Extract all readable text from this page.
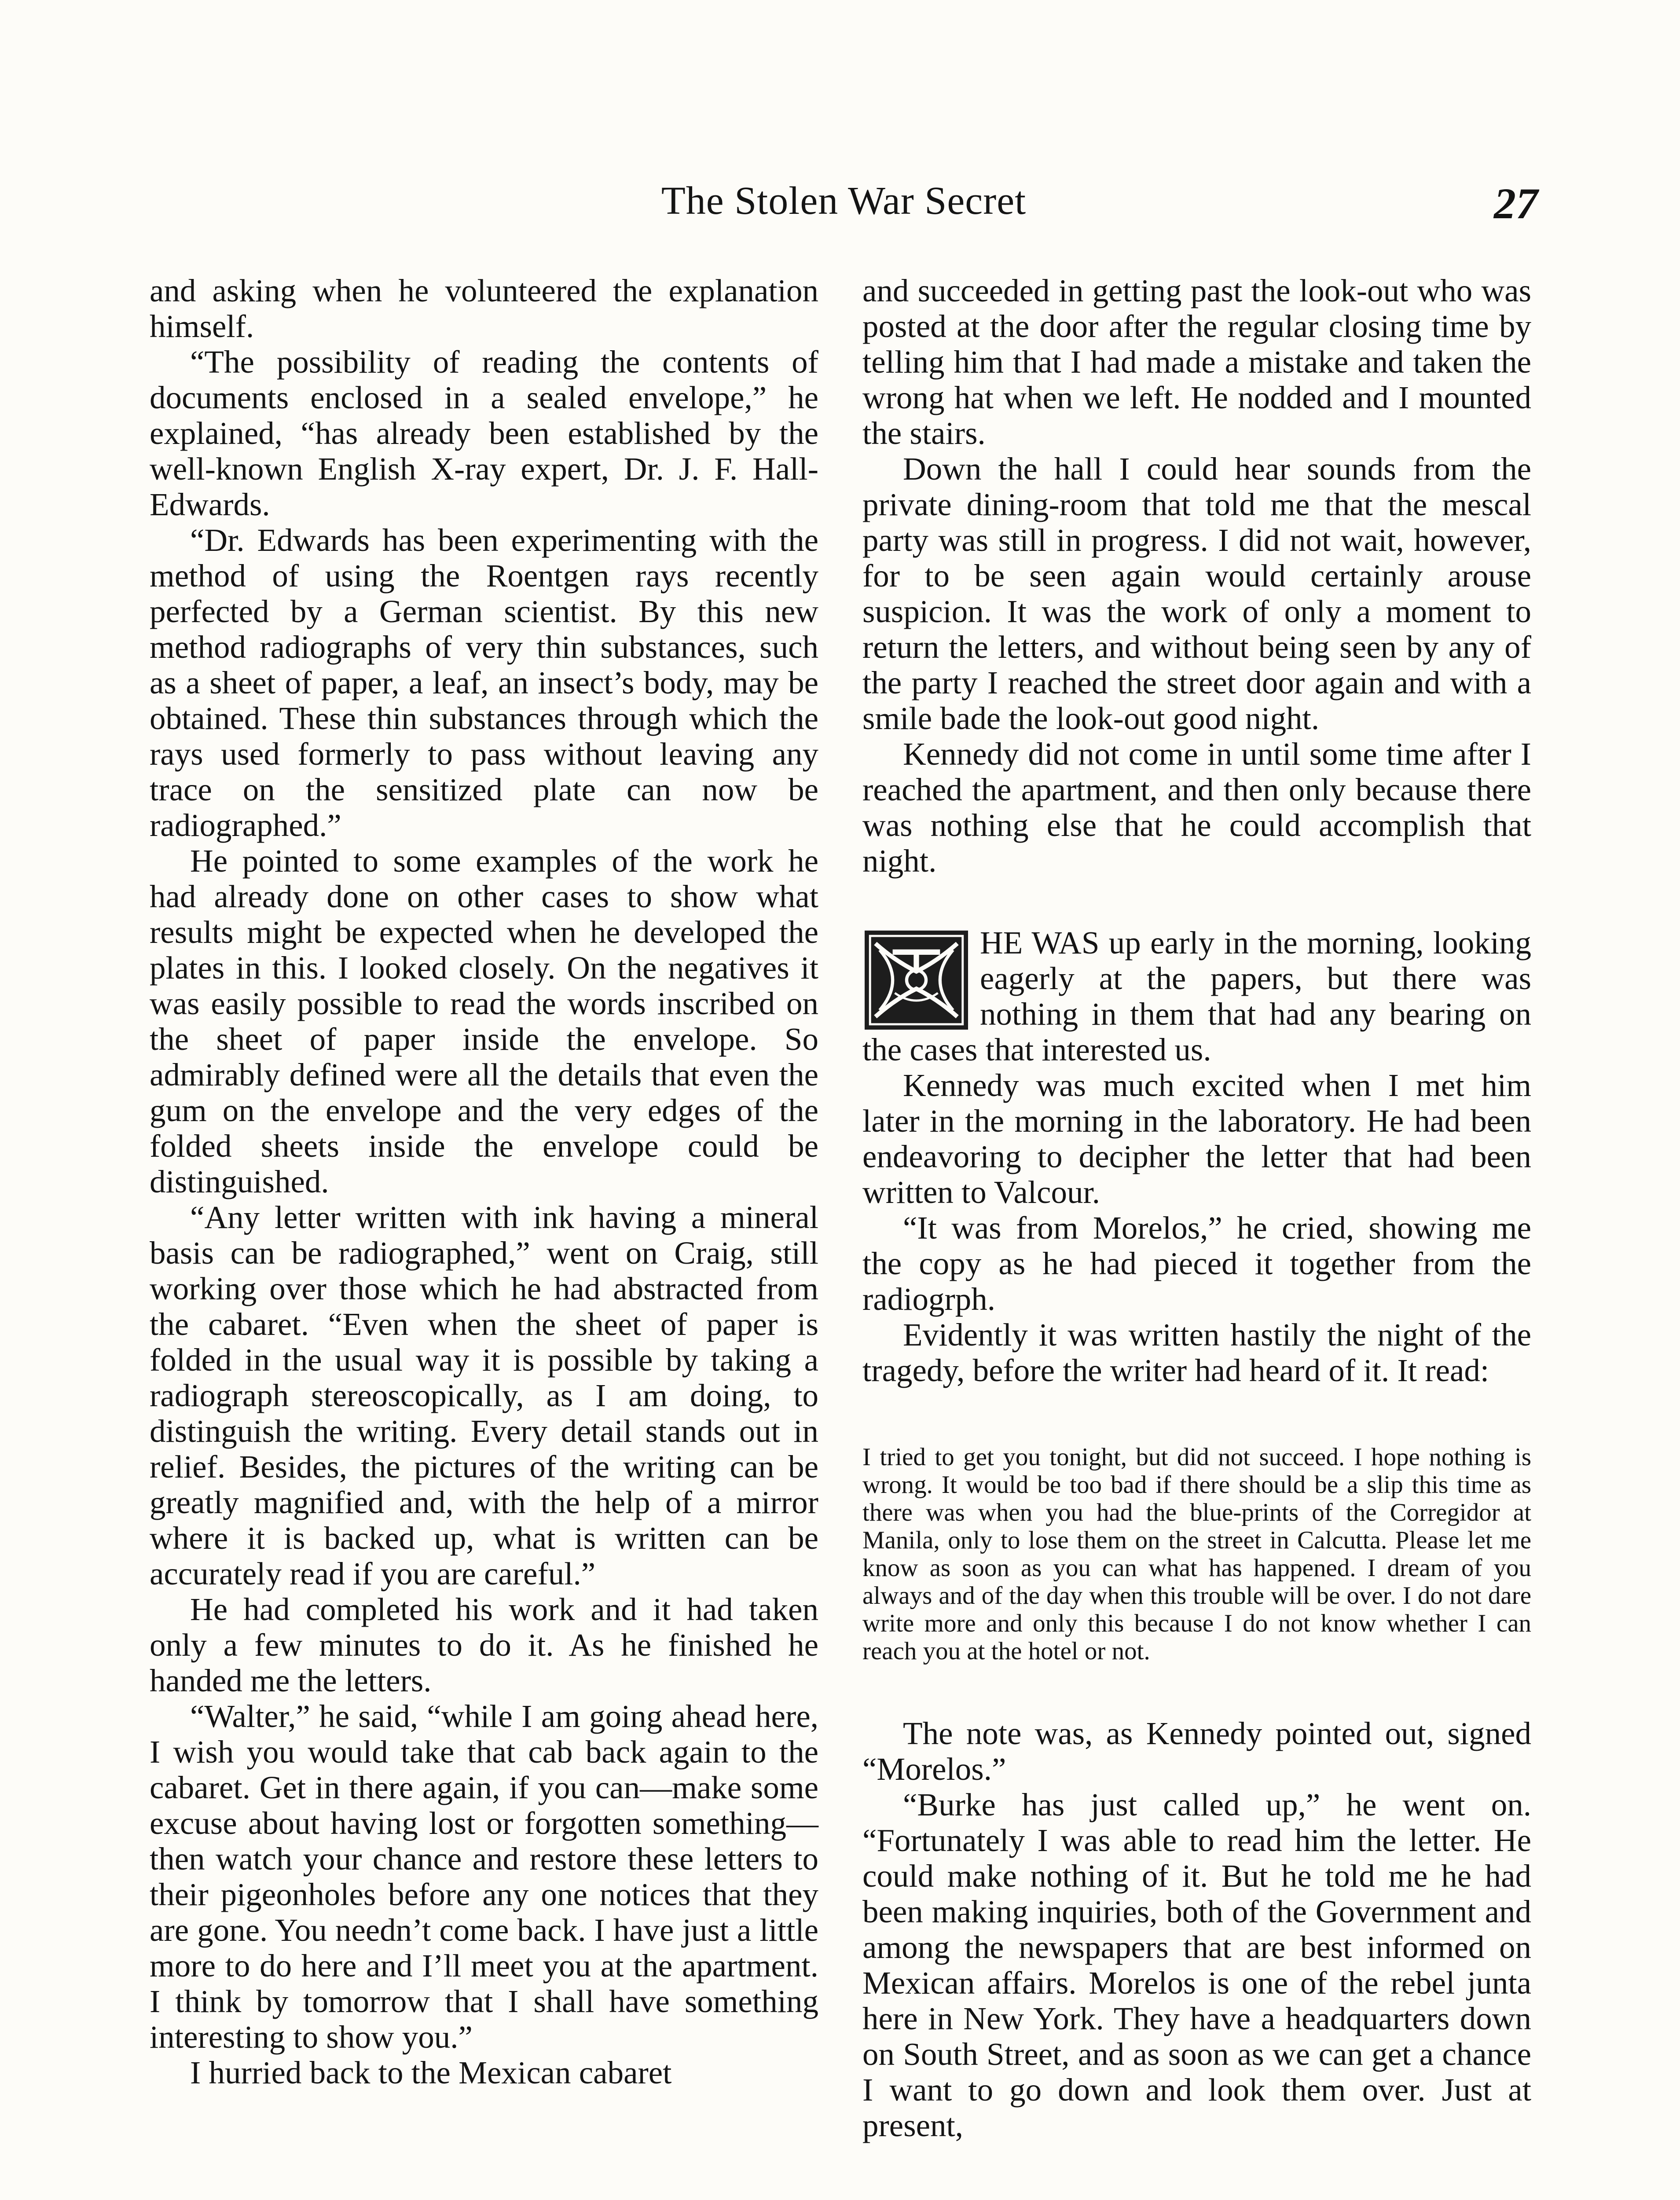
The Stolen War Secret	27

and asking when he volunteered the explanation himself.

“The possibility of reading the contents of documents enclosed in a sealed envelope,” he explained, “has already been established by the well-known English X-ray expert, Dr. J. F. Hall-Edwards.

“Dr. Edwards has been experimenting with the method of using the Roentgen rays recently perfected by a German scientist. By this new method radiographs of very thin substances, such as a sheet of paper, a leaf, an insect’s body, may be obtained. These thin substances through which the rays used formerly to pass without leaving any trace on the sensitized plate can now be radiographed.”

He pointed to some examples of the work he had already done on other cases to show what results might be expected when he developed the plates in this. I looked closely. On the negatives it was easily possible to read the words inscribed on the sheet of paper inside the envelope. So admirably defined were all the details that even the gum on the envelope and the very edges of the folded sheets inside the envelope could be distinguished.

“Any letter written with ink having a mineral basis can be radiographed,” went on Craig, still working over those which he had abstracted from the cabaret. “Even when the sheet of paper is folded in the usual way it is possible by taking a radiograph stereoscopically, as I am doing, to distinguish the writing. Every detail stands out in relief. Besides, the pictures of the writing can be greatly magnified and, with the help of a mirror where it is backed up, what is written can be accurately read if you are careful.”

He had completed his work and it had taken only a few minutes to do it. As he finished he handed me the letters.

“Walter,” he said, “while I am going ahead here, I wish you would take that cab back again to the cabaret. Get in there again, if you can—make some excuse about having lost or forgotten something—then watch your chance and restore these letters to their pigeonholes before any one notices that they are gone. You needn’t come back. I have just a little more to do here and I’ll meet you at the apartment. I think by tomorrow that I shall have something interesting to show you.”

I hurried back to the Mexican cabaret

and succeeded in getting past the look-out who was posted at the door after the regular closing time by telling him that I had made a mistake and taken the wrong hat when we left. He nodded and I mounted the stairs.

Down the hall I could hear sounds from the private dining-room that told me that the mescal party was still in progress. I did not wait, however, for to be seen again would certainly arouse suspicion. It was the work of only a moment to return the letters, and without being seen by any of the party I reached the street door again and with a smile bade the look-out good night.

Kennedy did not come in until some time after I reached the apartment, and then only because there was nothing else that he could accomplish that night.

HE WAS up early in the morning, looking eagerly at the papers, but there was nothing in them that had any bearing on the cases that interested us.

Kennedy was much excited when I met him later in the morning in the laboratory. He had been endeavoring to decipher the letter that had been written to Valcour.

“It was from Morelos,” he cried, showing me the copy as he had pieced it together from the radiogrph.

Evidently it was written hastily the night of the tragedy, before the writer had heard of it. It read:

I tried to get you tonight, but did not succeed. I hope nothing is wrong. It would be too bad if there should be a slip this time as there was when you had the blue-prints of the Corregidor at Manila, only to lose them on the street in Calcutta. Please let me know as soon as you can what has happened. I dream of you always and of the day when this trouble will be over. I do not dare write more and only this because I do not know whether I can reach you at the hotel or not.

The note was, as Kennedy pointed out, signed “Morelos.”

“Burke has just called up,” he went on. “Fortunately I was able to read him the letter. He could make nothing of it. But he told me he had been making inquiries, both of the Government and among the newspapers that are best informed on Mexican affairs. Morelos is one of the rebel junta here in New York. They have a headquarters down on South Street, and as soon as we can get a chance I want to go down and look them over. Just at present,
